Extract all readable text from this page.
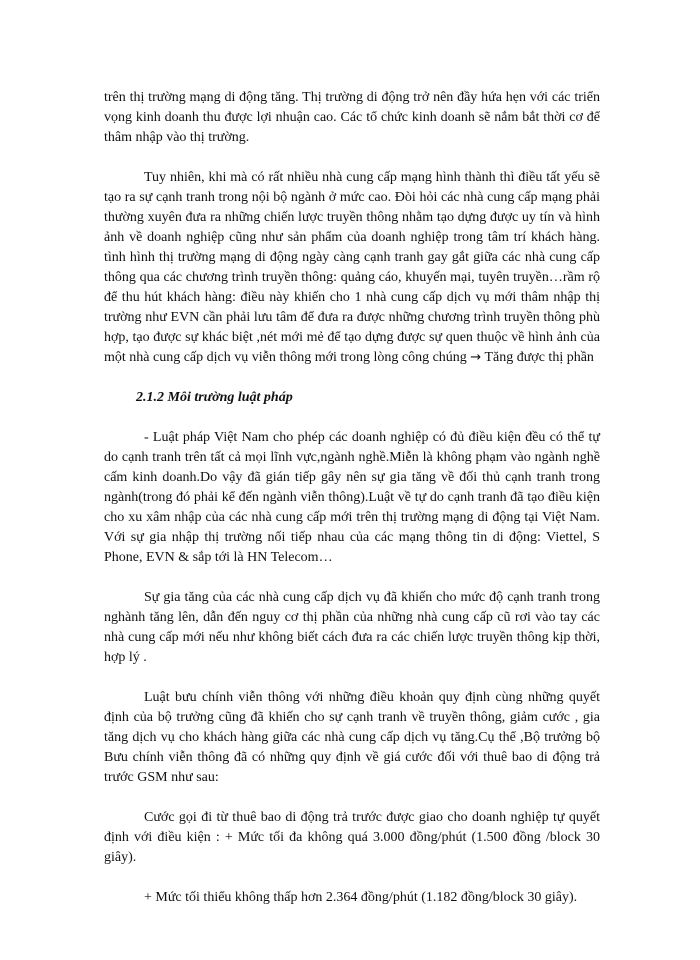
trên thị trường mạng di động tăng. Thị trường di động trở nên đầy hứa hẹn với các triển vọng kinh doanh thu được lợi nhuận cao. Các tổ chức kinh doanh sẽ nắm bắt thời cơ để thâm nhập vào thị trường.

Tuy nhiên, khi mà có rất nhiều nhà cung cấp mạng hình thành thì điều tất yếu sẽ tạo ra sự cạnh tranh trong nội bộ ngành ở mức cao. Đòi hỏi các nhà cung cấp mạng phải thường xuyên đưa ra những chiến lược truyền thông nhằm tạo dựng được uy tín và hình ảnh về doanh nghiệp cũng như sản phẩm của doanh nghiệp trong tâm trí khách hàng. tình hình thị trường mạng di động ngày càng cạnh tranh gay gắt giữa các nhà cung cấp thông qua các chương trình truyền thông: quảng cáo, khuyến mại, tuyên truyền…rầm rộ để thu hút khách hàng: điều này khiến cho 1 nhà cung cấp dịch vụ mới thâm nhập thị trường như EVN cần phải lưu tâm để đưa ra được những chương trình truyền thông phù hợp, tạo được sự khác biệt ,nét mới mẻ để tạo dựng được sự quen thuộc về hình ảnh của một nhà cung cấp dịch vụ viễn thông mới trong lòng công chúng → Tăng được thị phần

2.1.2 Môi trường luật pháp

- Luật pháp Việt Nam cho phép các doanh nghiệp có đủ điều kiện đều có thể tự do cạnh tranh trên tất cả mọi lĩnh vực,ngành nghề.Miễn là không phạm vào ngành nghề cấm kinh doanh.Do vậy đã gián tiếp gây nên sự gia tăng về đối thủ cạnh tranh trong ngành(trong đó phải kể đến ngành viễn thông).Luật về tự do cạnh tranh đã tạo điều kiện cho xu xâm nhập của các nhà cung cấp mới trên thị trường mạng di động tại Việt Nam. Với sự gia nhập thị trường nối tiếp nhau của các mạng thông tin di động: Viettel, S Phone, EVN & sắp tới là HN Telecom…

Sự gia tăng của các nhà cung cấp dịch vụ đã khiến cho mức độ cạnh tranh trong nghành tăng lên, dẫn đến nguy cơ thị phần của những nhà cung cấp cũ rơi vào tay các nhà cung cấp mới nếu như không biết cách đưa ra các chiến lược truyền thông kịp thời, hợp lý .

Luật bưu chính viễn thông với những điều khoản quy định cùng những quyết định của bộ trưởng cũng đã khiến cho sự cạnh tranh về truyền thông, giảm cước , gia tăng dịch vụ cho khách hàng giữa các nhà cung cấp dịch vụ tăng.Cụ thể ,Bộ trưởng bộ Bưu chính viễn thông đã có những quy định về giá cước đối với thuê bao di động trả trước GSM như sau:

Cước gọi đi từ thuê bao di động trả trước được giao cho doanh nghiệp tự quyết định với điều kiện : + Mức tối đa không quá 3.000 đồng/phút (1.500 đồng /block 30 giây).

+ Mức tối thiểu không thấp hơn 2.364 đồng/phút (1.182 đồng/block 30 giây).
